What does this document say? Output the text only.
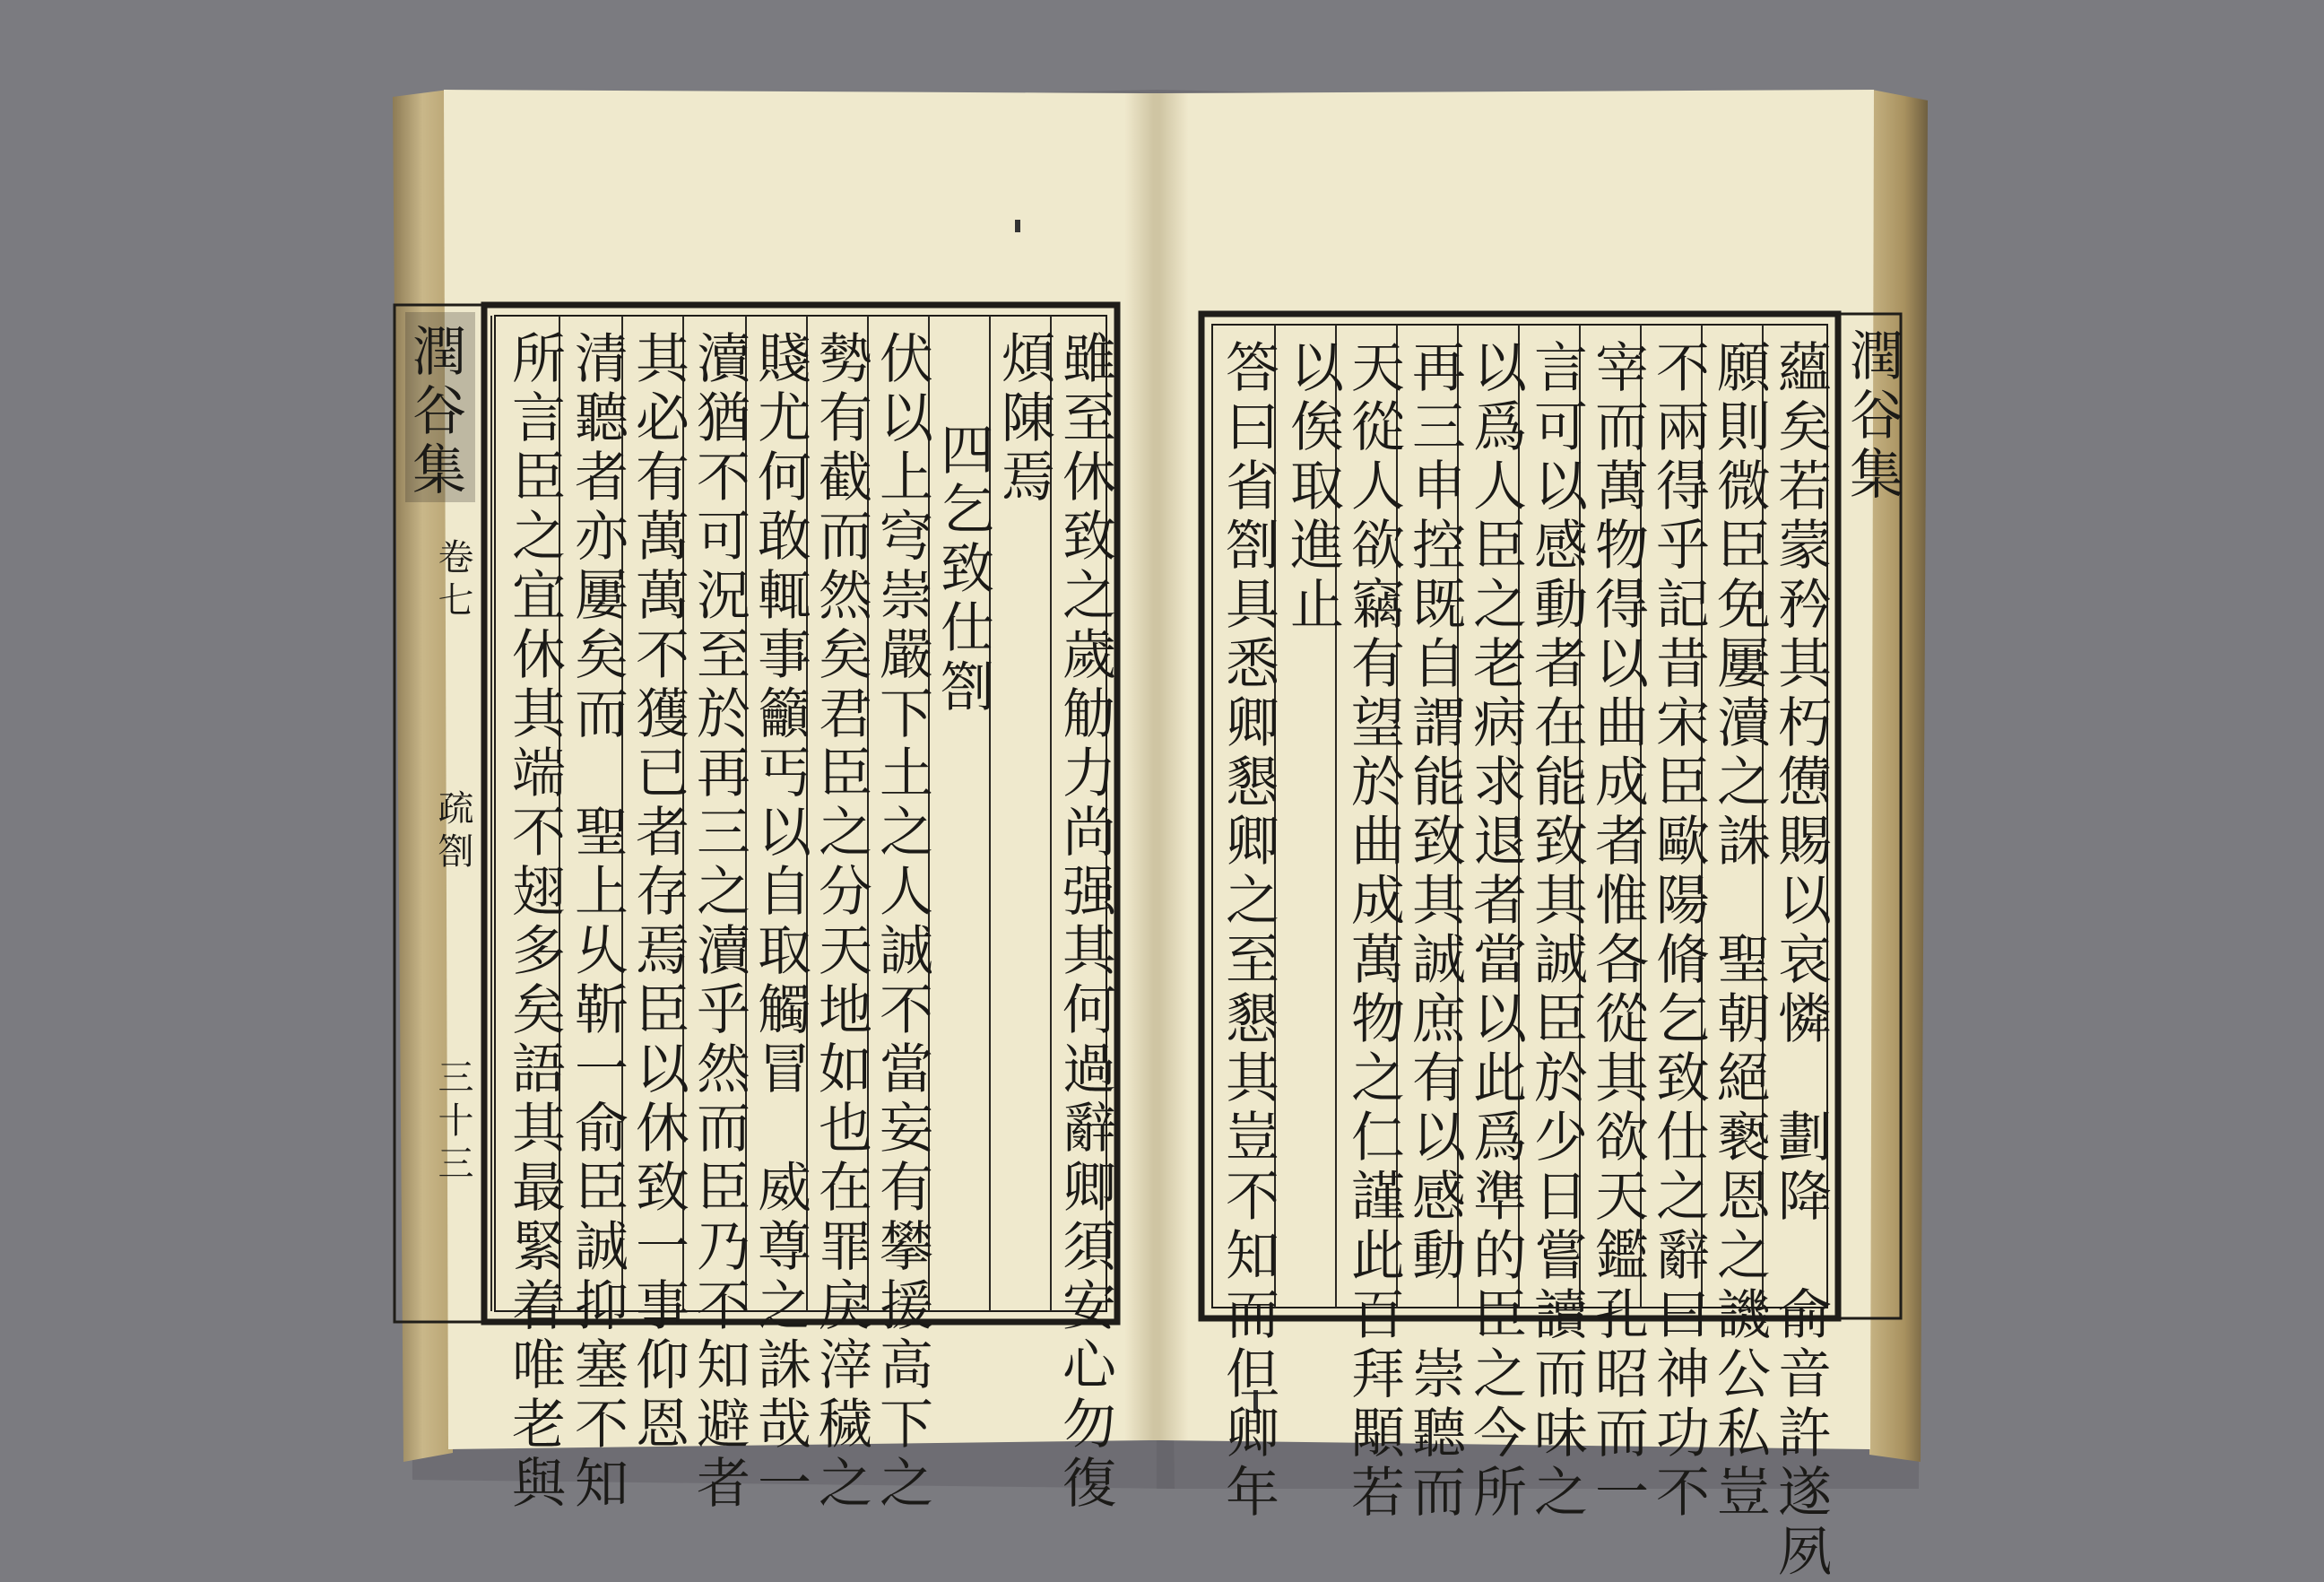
雖至休致之歲觔力尚强其何過辭卿須安心勿復
煩陳焉
四乞致仕劄
伏以上穹崇嚴下土之人誠不當妄有攀援高下之
勢有截而然矣君臣之分天地如也在罪戾滓穢之
賤尤何敢輒事籲丐以自取觸冒　威尊之誅哉一
瀆猶不可況至於再三之瀆乎然而臣乃不知避者
其必有萬萬不獲已者存焉臣以休致一事仰恩
清聽者亦屢矣而　聖上乆靳一俞臣誠抑塞不知
所言臣之宜休其端不翅多矣語其最緊着唯老與
潤谷集
卷七
疏劄
三十三	蘊矣若蒙矜其朽憊賜以哀憐　劃降　俞音許遂夙
願則微臣免屢瀆之誅　聖朝絕褻恩之譏公私豈
不兩得乎記昔宋臣歐陽脩乞致仕之辭曰神功不
宰而萬物得以曲成者惟各從其欲天鑑孔昭而一
言可以感動者在能致其誠臣於少日嘗讀而味之
以爲人臣之老病求退者當以此爲準的臣之今所
再三申控既自謂能致其誠庶有以感動　崇聽而
天從人欲竊有望於曲成萬物之仁謹此百拜顒若
以俟取進止
答曰省劄具悉卿懇卿之至懇其豈不知而但卿年	潤谷集
